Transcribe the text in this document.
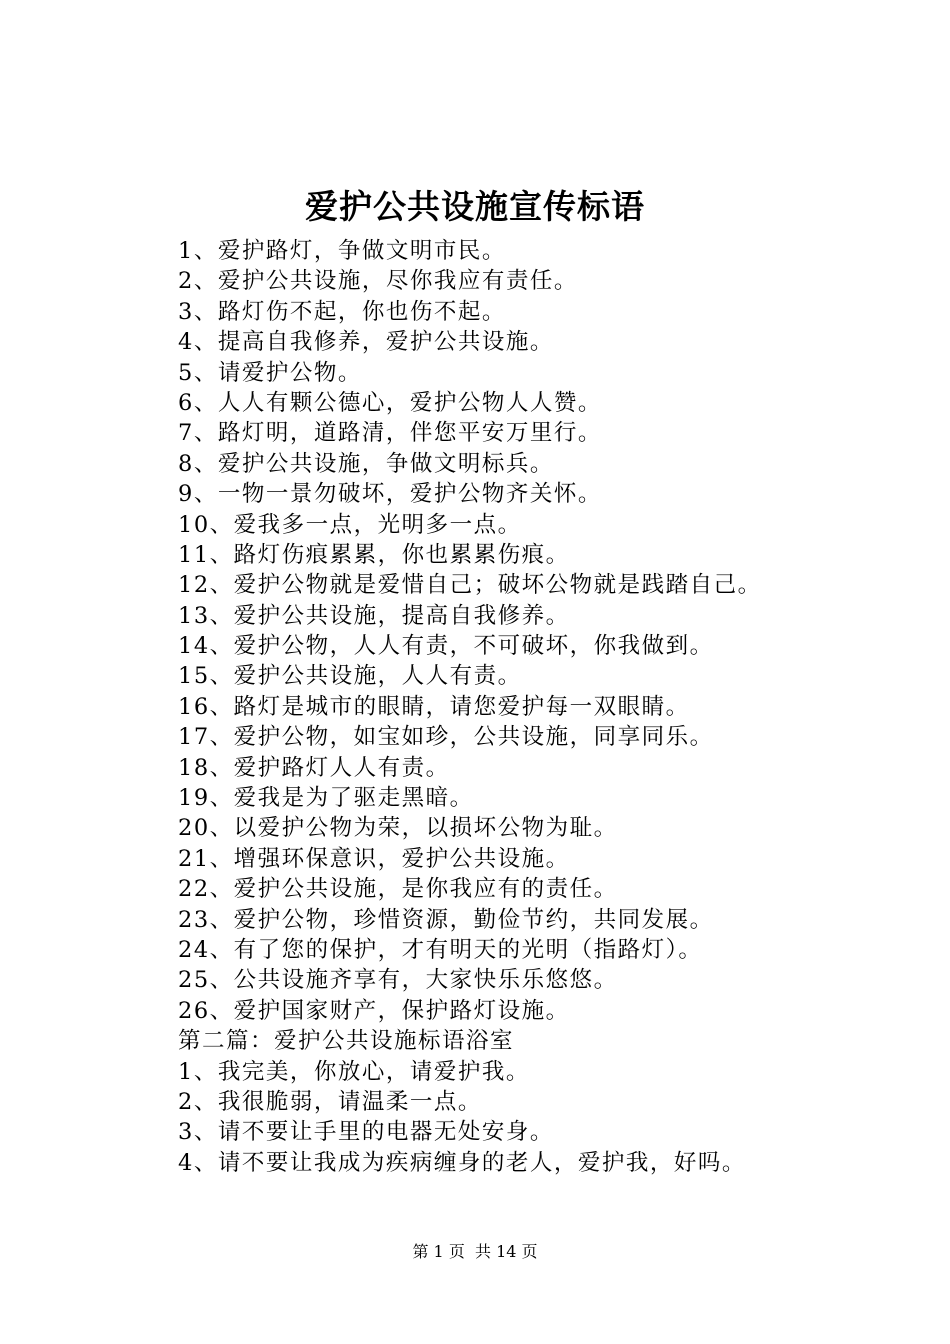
爱护公共设施宣传标语
1、爱护路灯，争做文明市民。
2、爱护公共设施，尽你我应有责任。
3、路灯伤不起，你也伤不起。
4、提高自我修养，爱护公共设施。
5、请爱护公物。
6、人人有颗公德心，爱护公物人人赞。
7、路灯明，道路清，伴您平安万里行。
8、爱护公共设施，争做文明标兵。
9、一物一景勿破坏，爱护公物齐关怀。
10、爱我多一点，光明多一点。
11、路灯伤痕累累，你也累累伤痕。
12、爱护公物就是爱惜自己；破坏公物就是践踏自己。
13、爱护公共设施，提高自我修养。
14、爱护公物，人人有责，不可破坏，你我做到。
15、爱护公共设施，人人有责。
16、路灯是城市的眼睛，请您爱护每一双眼睛。
17、爱护公物，如宝如珍，公共设施，同享同乐。
18、爱护路灯人人有责。
19、爱我是为了驱走黑暗。
20、以爱护公物为荣，以损坏公物为耻。
21、增强环保意识，爱护公共设施。
22、爱护公共设施，是你我应有的责任。
23、爱护公物，珍惜资源，勤俭节约，共同发展。
24、有了您的保护，才有明天的光明（指路灯）。
25、公共设施齐享有，大家快乐乐悠悠。
26、爱护国家财产，保护路灯设施。
第二篇：爱护公共设施标语浴室
1、我完美，你放心，请爱护我。
2、我很脆弱，请温柔一点。
3、请不要让手里的电器无处安身。
4、请不要让我成为疾病缠身的老人，爱护我，好吗。
第 1 页  共 14 页
